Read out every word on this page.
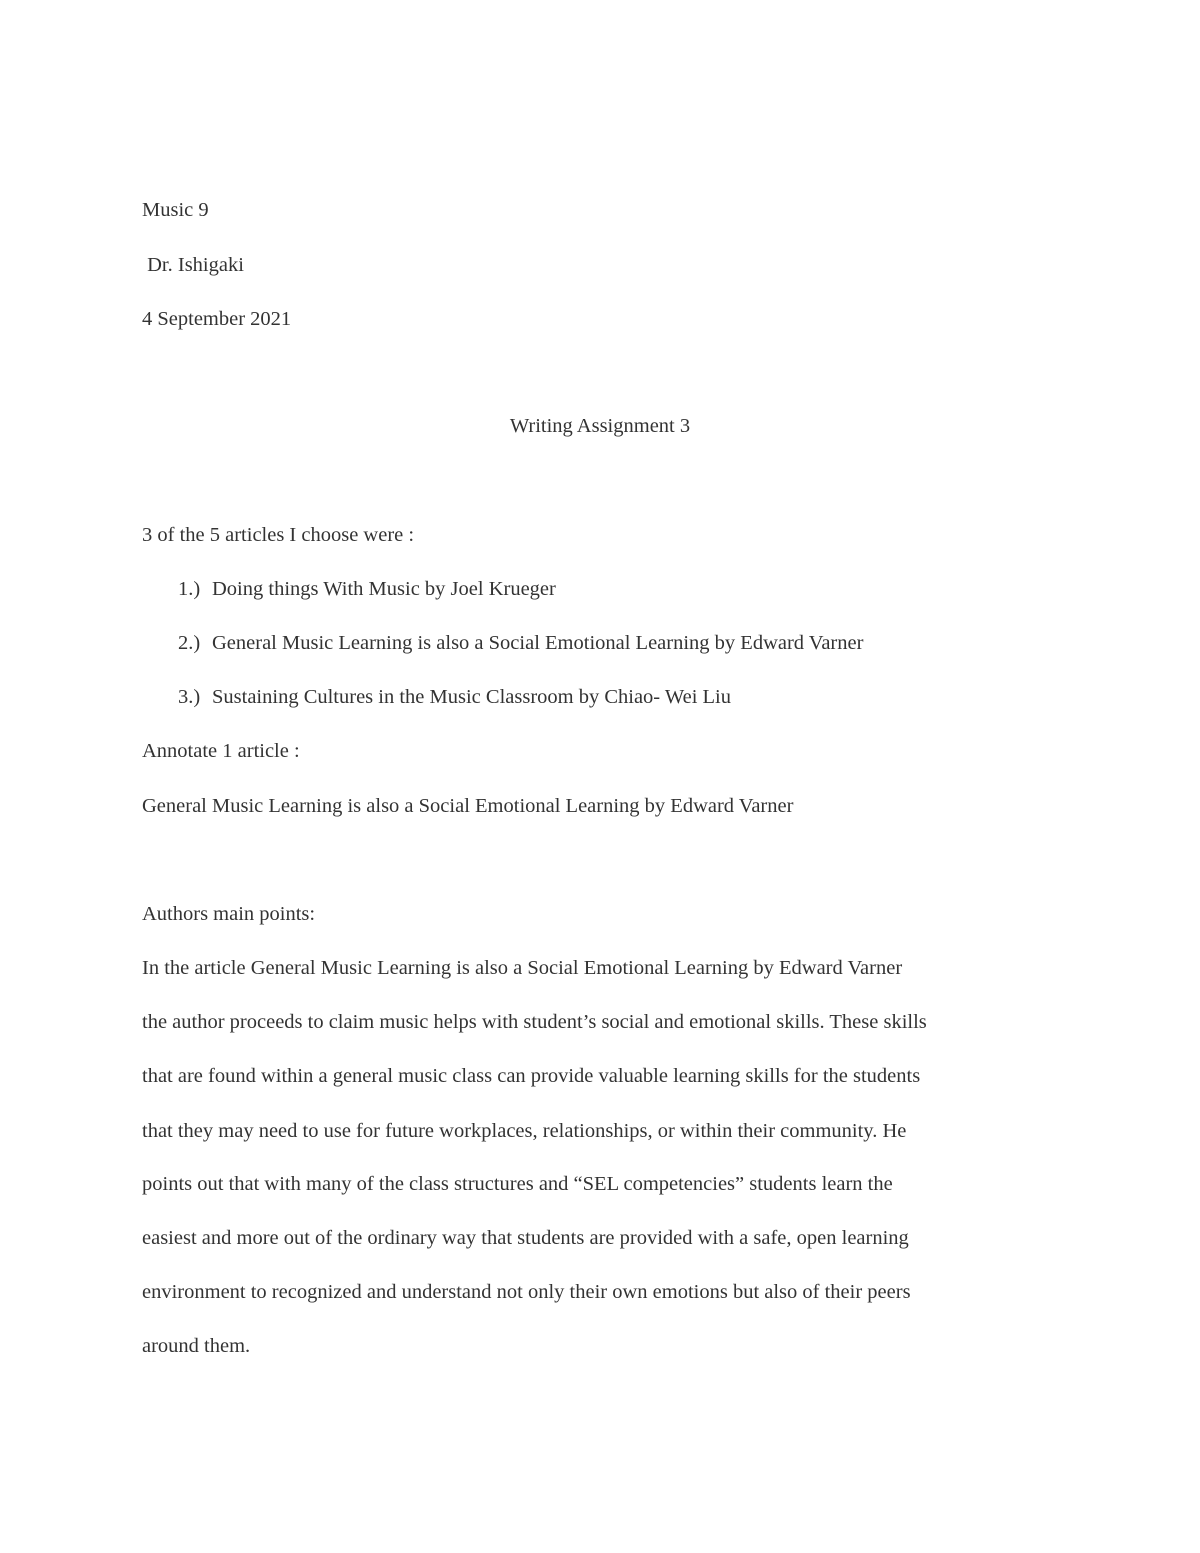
Music 9
Dr. Ishigaki
4 September 2021
Writing Assignment 3
3 of the 5 articles I choose were :
1.) Doing things With Music by Joel Krueger
2.) General Music Learning is also a Social Emotional Learning by Edward Varner
3.) Sustaining Cultures in the Music Classroom by Chiao- Wei Liu
Annotate 1 article :
General Music Learning is also a Social Emotional Learning by Edward Varner
Authors main points:
In the article General Music Learning is also a Social Emotional Learning by Edward Varner
the author proceeds to claim music helps with student’s social and emotional skills. These skills
that are found within a general music class can provide valuable learning skills for the students
that they may need to use for future workplaces, relationships, or within their community. He
points out that with many of the class structures and “SEL competencies” students learn the
easiest and more out of the ordinary way that students are provided with a safe, open learning
environment to recognized and understand not only their own emotions but also of their peers
around them.
